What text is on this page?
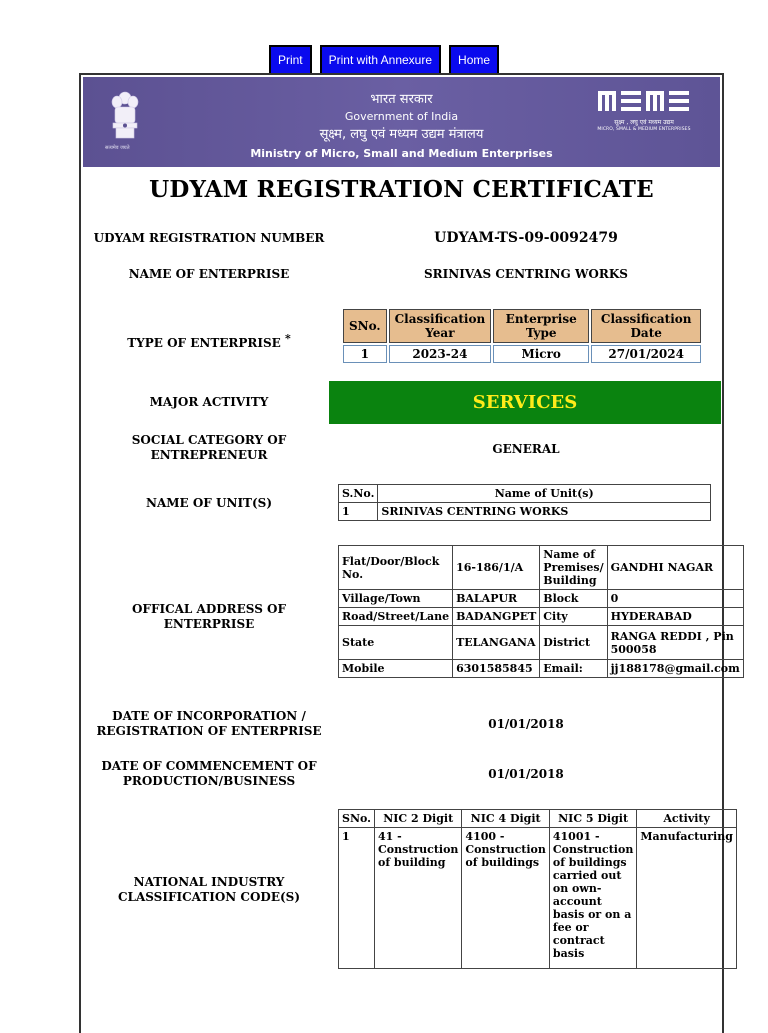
Print Print with Annexure Home
सत्यमेव जयते
भारत सरकार
Government of India
सूक्ष्म, लघु एवं मध्यम उद्यम मंत्रालय
Ministry of Micro, Small and Medium Enterprises
सूक्ष्म , लघु एवं मध्यम उद्यम
MICRO, SMALL & MEDIUM ENTERPRISES
UDYAM REGISTRATION CERTIFICATE
UDYAM REGISTRATION NUMBER	UDYAM-TS-09-0092479
NAME OF ENTERPRISE	SRINIVAS CENTRING WORKS
TYPE OF ENTERPRISE *
SNo.	Classification Year	Enterprise Type	Classification Date
1	2023-24	Micro	27/01/2024
MAJOR ACTIVITY	SERVICES
SOCIAL CATEGORY OF ENTREPRENEUR	GENERAL
NAME OF UNIT(S)
S.No.	Name of Unit(s)
1	SRINIVAS CENTRING WORKS
OFFICAL ADDRESS OF ENTERPRISE
Flat/Door/Block No.	16-186/1/A	Name of Premises/ Building	GANDHI NAGAR
Village/Town	BALAPUR	Block	0
Road/Street/Lane	BADANGPET	City	HYDERABAD
State	TELANGANA	District	RANGA REDDI , Pin 500058
Mobile	6301585845	Email:	jj188178@gmail.com
DATE OF INCORPORATION / REGISTRATION OF ENTERPRISE	01/01/2018
DATE OF COMMENCEMENT OF PRODUCTION/BUSINESS	01/01/2018
NATIONAL INDUSTRY CLASSIFICATION CODE(S)
SNo.	NIC 2 Digit	NIC 4 Digit	NIC 5 Digit	Activity
1	41 - Construction of building	4100 - Construction of buildings	41001 - Construction of buildings carried out on own-account basis or on a fee or contract basis	Manufacturing
